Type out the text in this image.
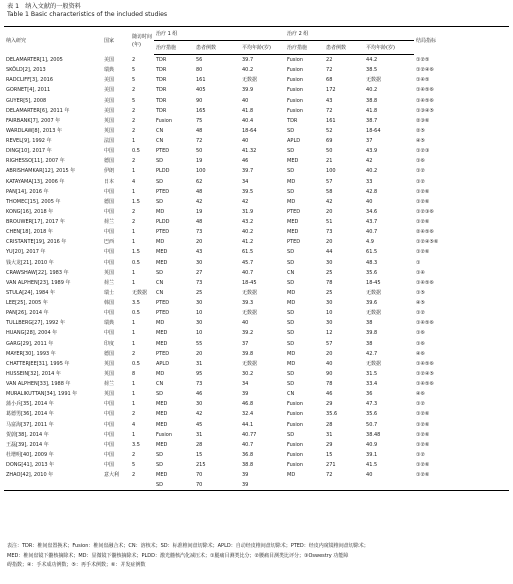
表 1　纳入文献的一般资料
Table 1 Basic characteristics of the included studies
纳入研究	国家	随访时间(年)	治疗 1 组			治疗 2 组			结局指标
			治疗措施	患者例数	平均年龄(岁)	治疗措施	患者例数	平均年龄(岁)	
DELAMARTER[1], 2005	美国	2	TDR	56	39.7	Fusion	22	44.2	①②⑤
SKÖLD[2], 2013	瑞典	5	TDR	80	40.2	Fusion	72	38.5	①②④⑥
RADCLIFF[3], 2016	美国	5	TDR	161	无数据	Fusion	68	无数据	①④⑤
GORNET[4], 2011	美国	2	TDR	405	39.9	Fusion	172	40.2	①④⑤⑥
GUYER[5], 2008	美国	5	TDR	90	40	Fusion	43	38.8	①④⑤⑥
DELAMARTER[6], 2011 年	美国	2	TDR	165	41.8	Fusion	72	41.8	①③④⑤
FAIRBANK[7], 2007 年	英国	2	Fusion	75	40.4	TDR	161	38.7	②③⑥
WARDLAW[8], 2013 年	英国	2	CN	48	18-64	SD	52	18-64	②⑤
REVEL[9], 1992 年	法国	1	CN	72	40	APLD	69	37	④⑤
DING[10], 2017 年	中国	0.5	PTED	50	41.32	SD	50	43.9	①②③
RIGHESSO[11], 2007 年	德国	2	SD	19	46	MED	21	42	①⑥
ABRISHAMKAR[12], 2015 年	伊朗	1	PLDD	100	39.7	SD	100	40.2	①②
KATAYAMA[13], 2006 年	日本	4	SD	62	34	MD	57	33	①②
PAN[14], 2016 年	中国	1	PTED	48	39.5	SD	58	42.8	①②⑥
THOMEC[15], 2005 年	德国	1.5	SD	42	42	MD	42	40	①②⑥
KONG[16], 2018 年	中国	2	MD	19	31.9	PTED	20	34.6	①②③⑥
BROUWER[17], 2017 年	荷兰	2	PLDD	48	43.2	MED	51	43.7	①②⑥
CHEN[18], 2018 年	中国	1	PTED	73	40.2	MED	73	40.7	②④⑤⑥
CRISTANTE[19], 2016 年	巴西	1	MD	20	41.2	PTED	20	4.9	①②④⑤⑥
YU[20], 2017 年	中国	1.5	MED	43	61.5	SD	44	61.5	①②⑥
钱大龙[21], 2010 年	中国	0.5	MED	30	45.7	SD	30	48.3	①
CRAWSHAW[22], 1983 年	英国	1	SD	27	40.7	CN	25	35.6	①④
VAN ALPHEN[23], 1989 年	荷兰	1	CN	73	18-45	SD	78	18-45	①④⑤⑥
STULA[24], 1984 年	瑞士	无数据	CN	25	无数据	MD	25	无数据	①⑤
LEE[25], 2005 年	韩国	3.5	PTED	30	39.3	MD	30	39.6	④⑤
PAN[26], 2014 年	中国	0.5	PTED	10	无数据	SD	10	无数据	①②
TULLBERG[27], 1992 年	瑞典	1	MD	30	40	SD	30	38	①④⑤⑥
HUANG[28], 2004 年	中国	1	MED	10	39.2	SD	12	39.8	①⑥
GARG[29], 2011 年	印度	1	MED	55	37	SD	57	38	①⑥
MAYER[30], 1993 年	德国	2	PTED	20	39.8	MD	20	42.7	④⑥
CHATTERJEE[31], 1995 年	英国	0.5	APLD	31	无数据	MD	40	无数据	①④⑤⑥
HUSSEIN[32], 2014 年	英国	8	MD	95	30.2	SD	90	31.5	①②④⑤
VAN ALPHEN[33], 1988 年	荷兰	1	CN	73	34	SD	78	33.4	①④⑤⑥
MURALIKUTTAN[34], 1991 年	英国	1	SD	46	39	CN	46	36	④⑥
蒲小兵[35], 2014 年	中国	1	MED	30	46.8	Fusion	29	47.3	①②
葛德男[36], 2014 年	中国	2	MED	42	32.4	Fusion	35.6	35.6	①②⑥
马富海[37], 2011 年	中国	4	MED	45	44.1	Fusion	28	50.7	①②⑥
贺蔚[38], 2014 年	中国	1	Fusion	31	40.77	SD	31	38.48	①②⑥
王磊[39], 2014 年	中国	3.5	MED	28	40.7	Fusion	29	40.9	①②⑥
杜增明[40], 2009 年	中国	2	SD	15	36.8	Fusion	15	39.1	①②
DONG[41], 2013 年	中国	5	SD	215	38.8	Fusion	271	41.5	①②⑥
ZHAO[42], 2010 年	意大利	2	MED	70	39	MD	72	40	①②⑥
			SD	70	39				
表注：TDR：椎间盘置换术；Fusion：椎间盘融合术；CN：溶核术；SD：标准椎间盘切除术；APLD：自动经皮椎间盘切除术；PTED：经皮内窥镜椎间盘切除术；
MED：椎间盘镜下髓核摘除术；MD：显微镜下髓核摘除术；PLDD：激光髓核汽化减压术；①腿痛目测类比分；②腰痛目测类比评分；③Oswestry 功能障
碍指数；④：手术成功例数；⑤：再手术例数；⑥：并发症例数
